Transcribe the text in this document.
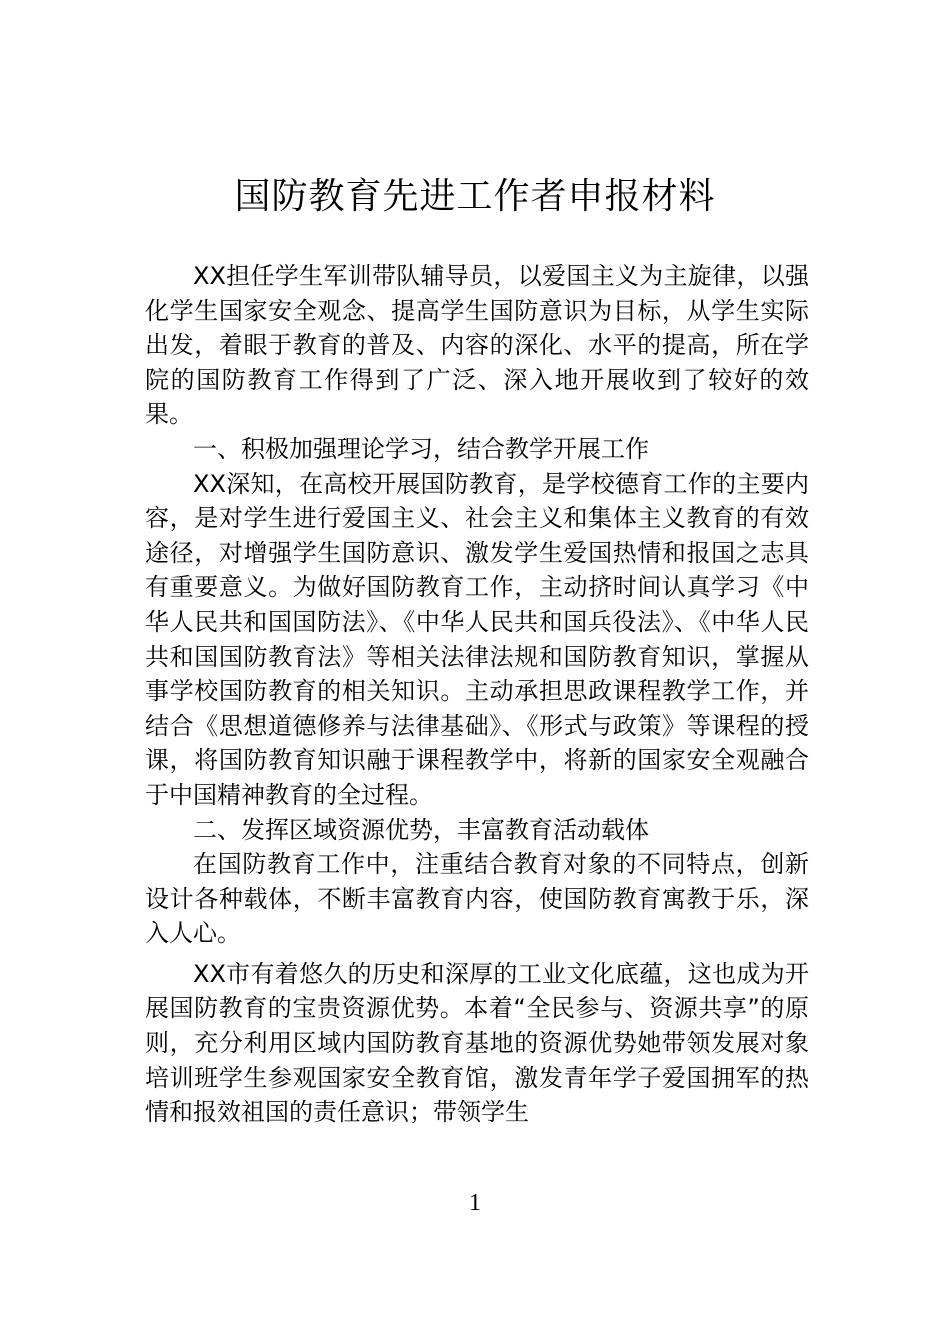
国防教育先进工作者申报材料

XX担任学生军训带队辅导员，以爱国主义为主旋律，以强化学生国家安全观念、提高学生国防意识为目标，从学生实际出发，着眼于教育的普及、内容的深化、水平的提高，所在学院的国防教育工作得到了广泛、深入地开展收到了较好的效果。

一、积极加强理论学习，结合教学开展工作

XX深知，在高校开展国防教育，是学校德育工作的主要内容，是对学生进行爱国主义、社会主义和集体主义教育的有效途径，对增强学生国防意识、激发学生爱国热情和报国之志具有重要意义。为做好国防教育工作，主动挤时间认真学习《中华人民共和国国防法》、《中华人民共和国兵役法》、《中华人民共和国国防教育法》等相关法律法规和国防教育知识，掌握从事学校国防教育的相关知识。主动承担思政课程教学工作，并结合《思想道德修养与法律基础》、《形式与政策》等课程的授课，将国防教育知识融于课程教学中，将新的国家安全观融合于中国精神教育的全过程。

二、发挥区域资源优势，丰富教育活动载体

在国防教育工作中，注重结合教育对象的不同特点，创新设计各种载体，不断丰富教育内容，使国防教育寓教于乐，深入人心。

XX市有着悠久的历史和深厚的工业文化底蕴，这也成为开展国防教育的宝贵资源优势。本着“全民参与、资源共享”的原则，充分利用区域内国防教育基地的资源优势她带领发展对象培训班学生参观国家安全教育馆，激发青年学子爱国拥军的热情和报效祖国的责任意识；带领学生

1
